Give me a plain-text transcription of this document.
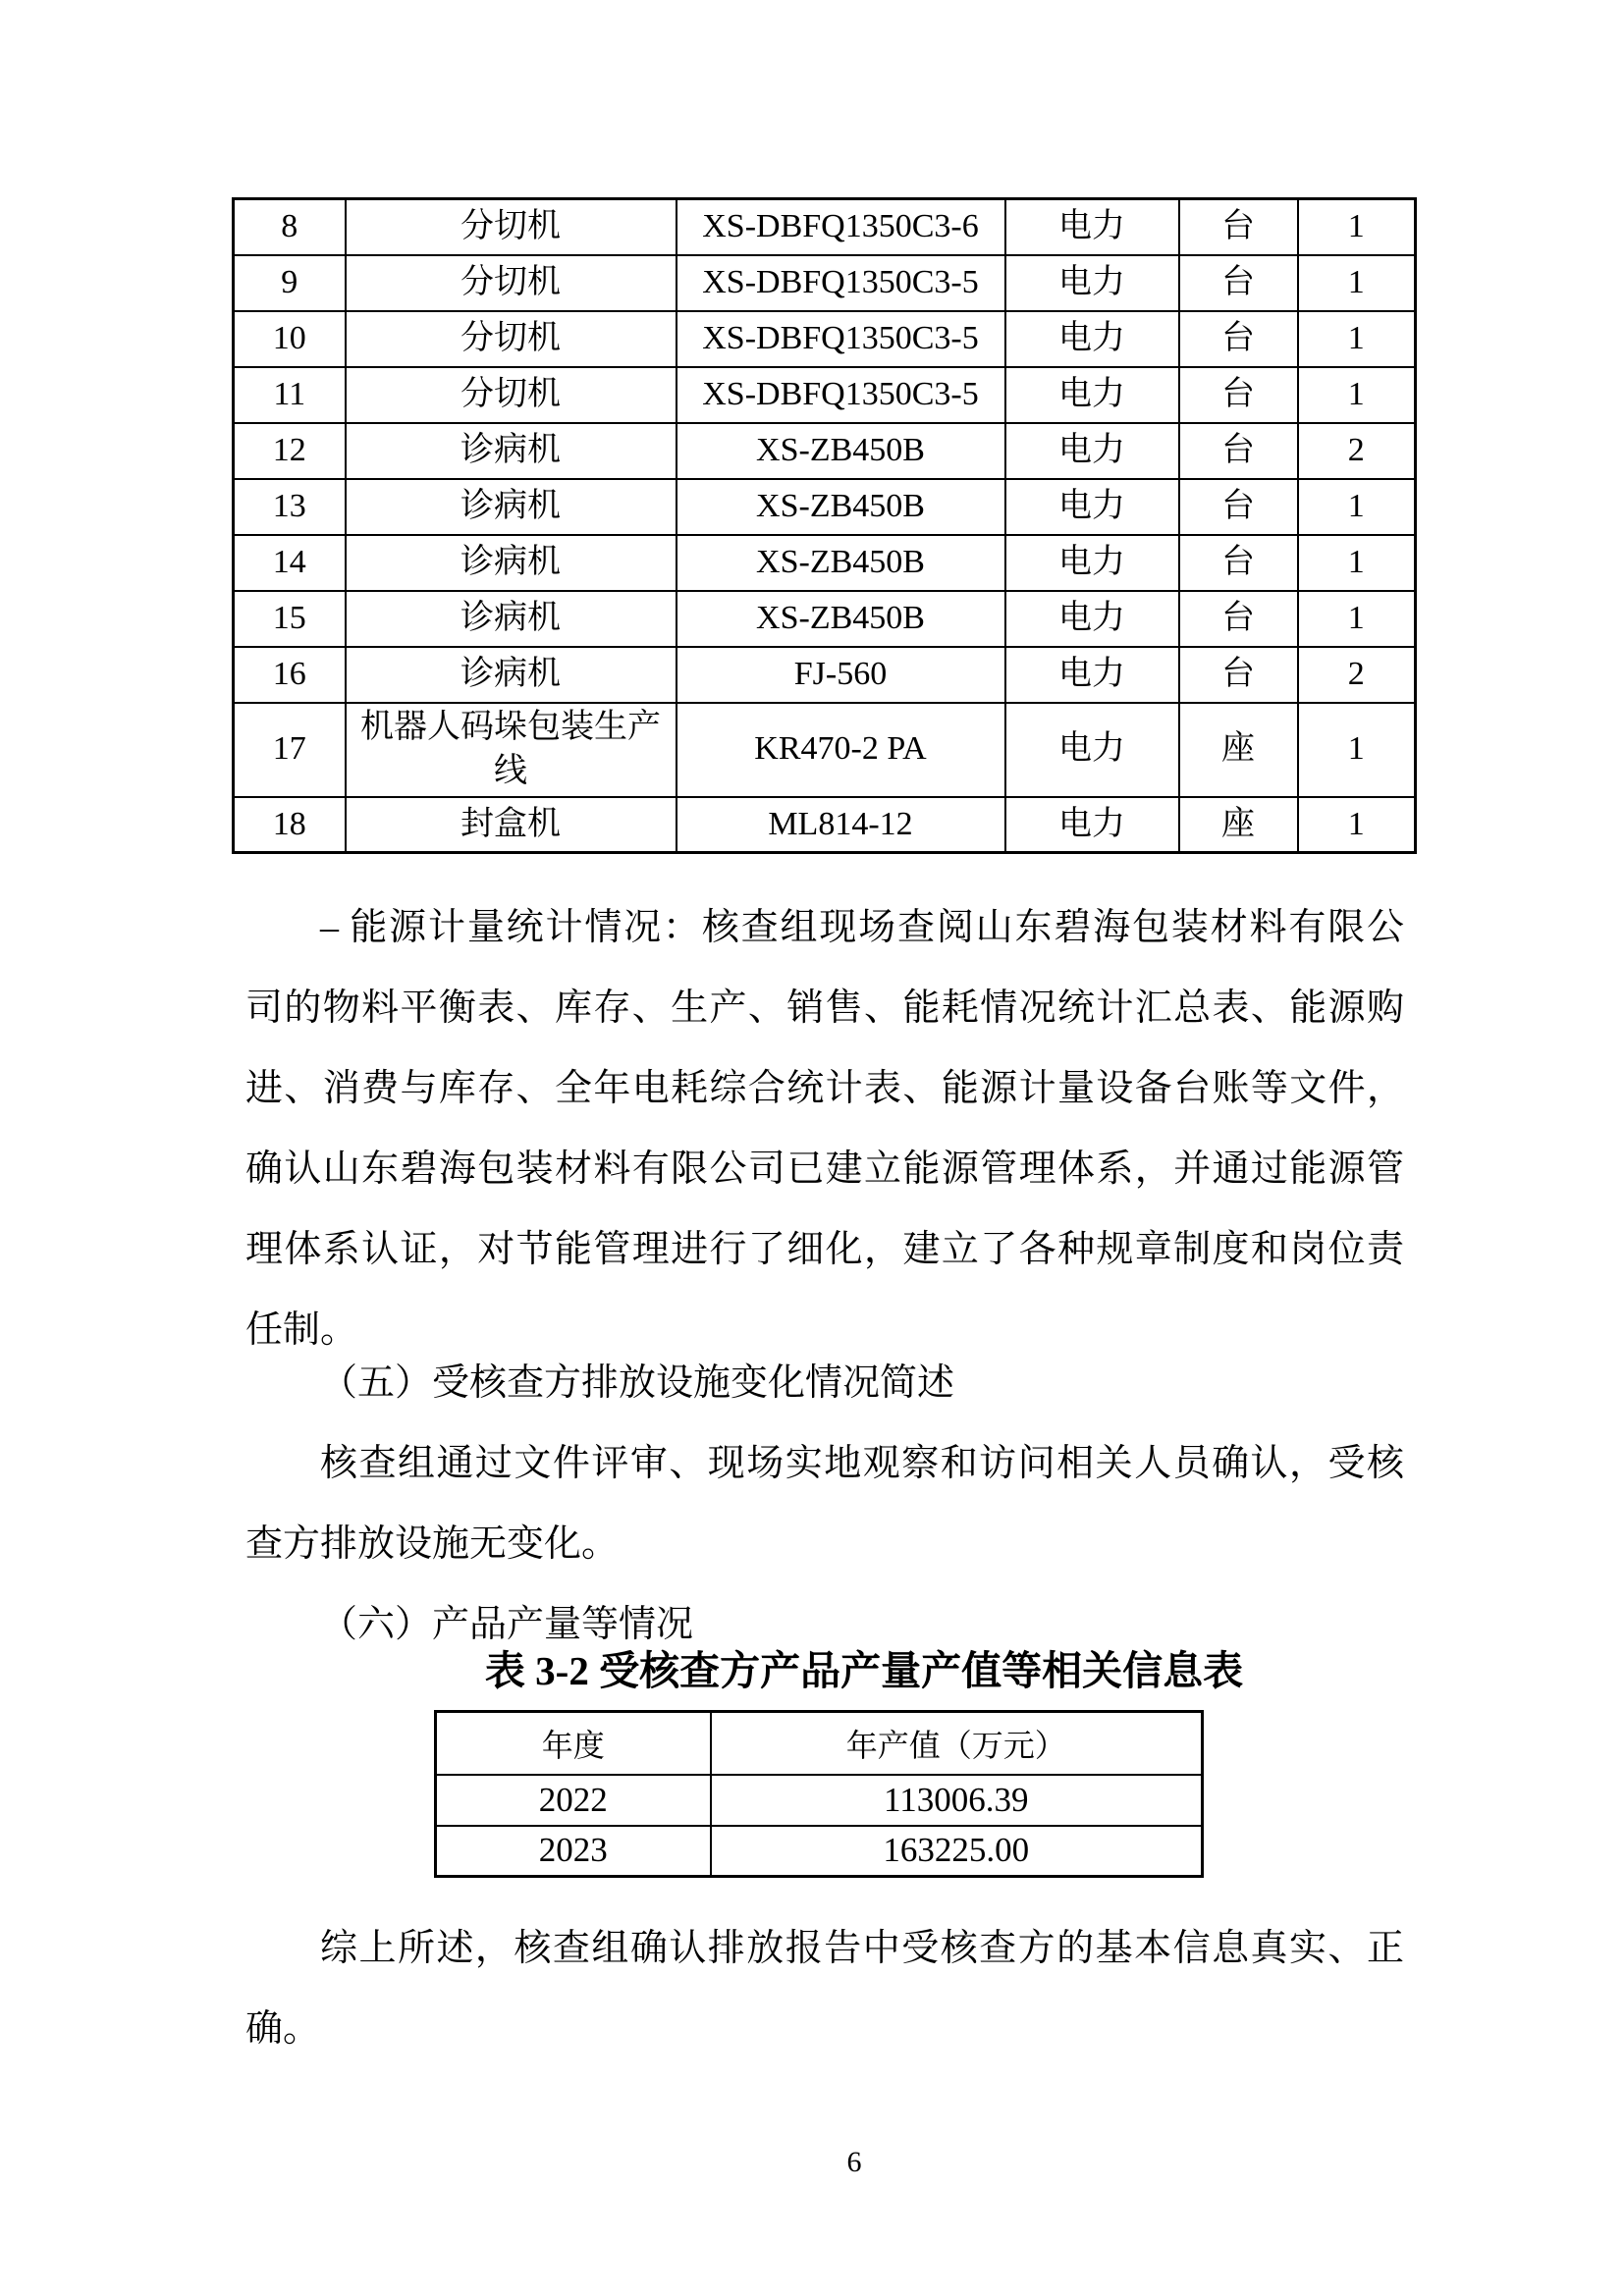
8	分切机	XS-DBFQ1350C3-6	电力	台	1
9	分切机	XS-DBFQ1350C3-5	电力	台	1
10	分切机	XS-DBFQ1350C3-5	电力	台	1
11	分切机	XS-DBFQ1350C3-5	电力	台	1
12	诊病机	XS-ZB450B	电力	台	2
13	诊病机	XS-ZB450B	电力	台	1
14	诊病机	XS-ZB450B	电力	台	1
15	诊病机	XS-ZB450B	电力	台	1
16	诊病机	FJ-560	电力	台	2
17	机器人码垛包装生产线	KR470-2 PA	电力	座	1
18	封盒机	ML814-12	电力	座	1
– 能源计量统计情况：核查组现场查阅山东碧海包装材料有限公
司的物料平衡表、库存、生产、销售、能耗情况统计汇总表、能源购
进、消费与库存、全年电耗综合统计表、能源计量设备台账等文件，
确认山东碧海包装材料有限公司已建立能源管理体系，并通过能源管
理体系认证，对节能管理进行了细化，建立了各种规章制度和岗位责
任制。
（五）受核查方排放设施变化情况简述
核查组通过文件评审、现场实地观察和访问相关人员确认，受核
查方排放设施无变化。
（六）产品产量等情况
表 3-2 受核查方产品产量产值等相关信息表
年度	年产值（万元）
2022	113006.39
2023	163225.00
综上所述，核查组确认排放报告中受核查方的基本信息真实、正
确。
6
